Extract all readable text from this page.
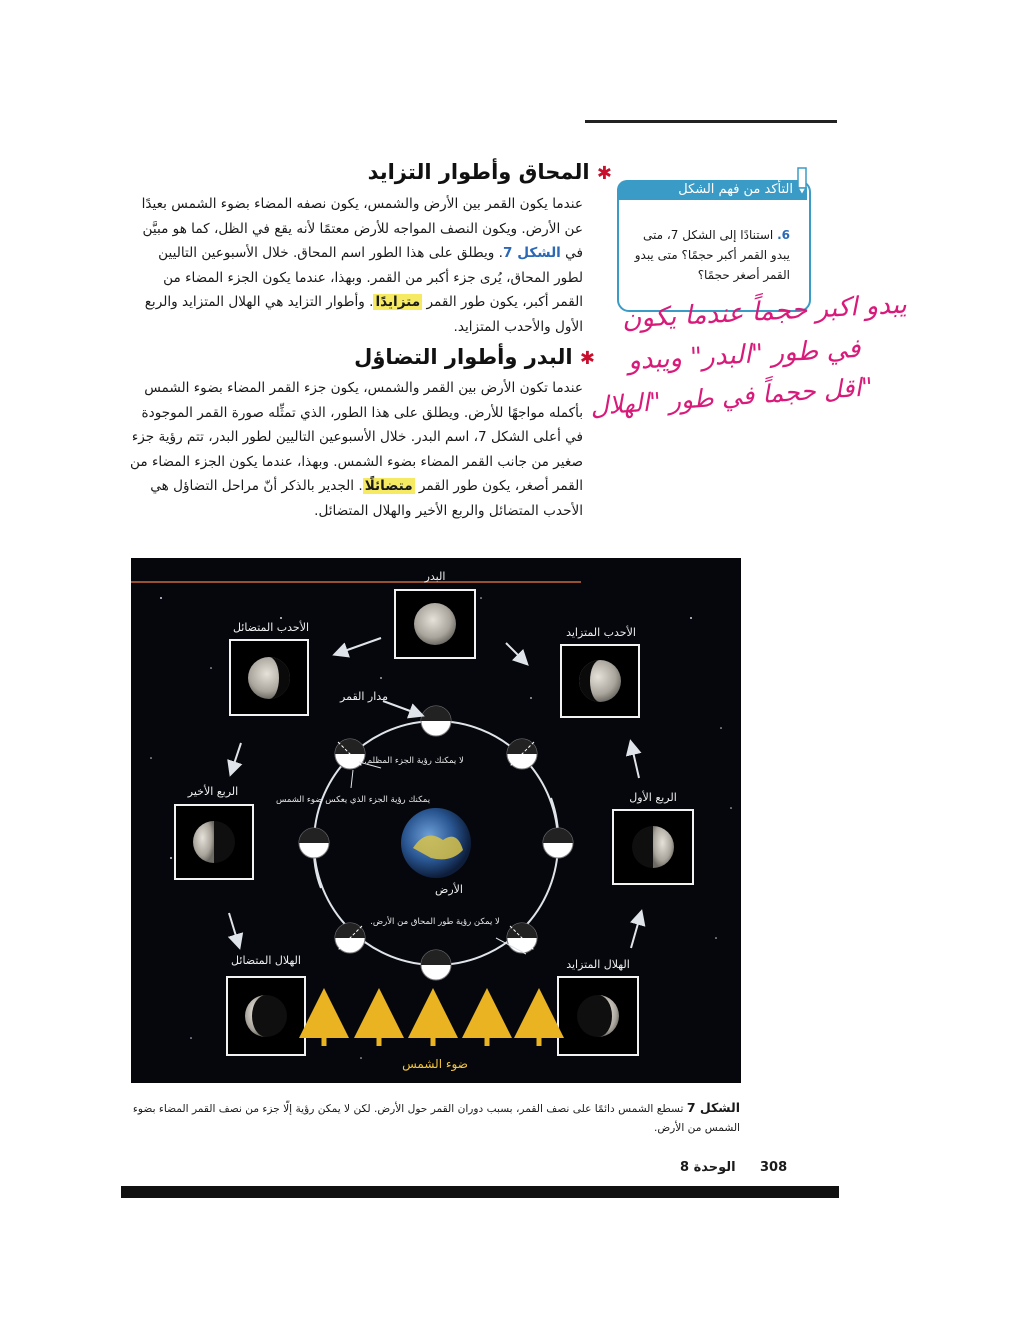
✱ المحاق وأطوار التزايد
عندما يكون القمر بين الأرض والشمس، يكون نصفه المضاء بضوء الشمس بعيدًا عن الأرض. ويكون النصف المواجه للأرض معتمًا لأنه يقع في الظل، كما هو مبيَّن في الشكل 7. ويطلق على هذا الطور اسم المحاق. خلال الأسبوعين التاليين لطور المحاق، يُرى جزء أكبر من القمر. وبهذا، عندما يكون الجزء المضاء من القمر أكبر، يكون طور القمر متزايدًا. وأطوار التزايد هي الهلال المتزايد والربع الأول والأحدب المتزايد.
✱ البدر وأطوار التضاؤل
عندما تكون الأرض بين القمر والشمس، يكون جزء القمر المضاء بضوء الشمس بأكمله مواجهًا للأرض. ويطلق على هذا الطور، الذي تمثِّله صورة القمر الموجودة في أعلى الشكل 7، اسم البدر. خلال الأسبوعين التاليين لطور البدر، تتم رؤية جزء صغير من جانب القمر المضاء بضوء الشمس. وبهذا، عندما يكون الجزء المضاء من القمر أصغر، يكون طور القمر متضائلًا. الجدير بالذكر أنّ مراحل التضاؤل هي الأحدب المتضائل والربع الأخير والهلال المتضائل.
التأكد من فهم الشكل
6. استنادًا إلى الشكل 7، متى يبدو القمر أكبر حجمًا؟ متى يبدو القمر أصغر حجمًا؟
يبدو اكبر حجماً عندما يكون
في طور "البدر" ويبدو
اقل حجماً في طور "الهلال"
البدر
الأحدب المتضائل	الأحدب المتزايد
مدار القمر
الربع الأخير	الربع الأول
الأرض
الهلال المتضائل	الهلال المتزايد
ضوء الشمس
لا يمكنك رؤية الجزء المظلم.
يمكنك رؤية الجزء الذي يعكس ضوء الشمس
لا يمكن رؤية طور المحاق من الأرض.
الشكل 7 تسطع الشمس دائمًا على نصف القمر، بسبب دوران القمر حول الأرض. لكن لا يمكن رؤية إلّا جزء من نصف القمر المضاء بضوء الشمس من الأرض.
308
الوحدة 8
